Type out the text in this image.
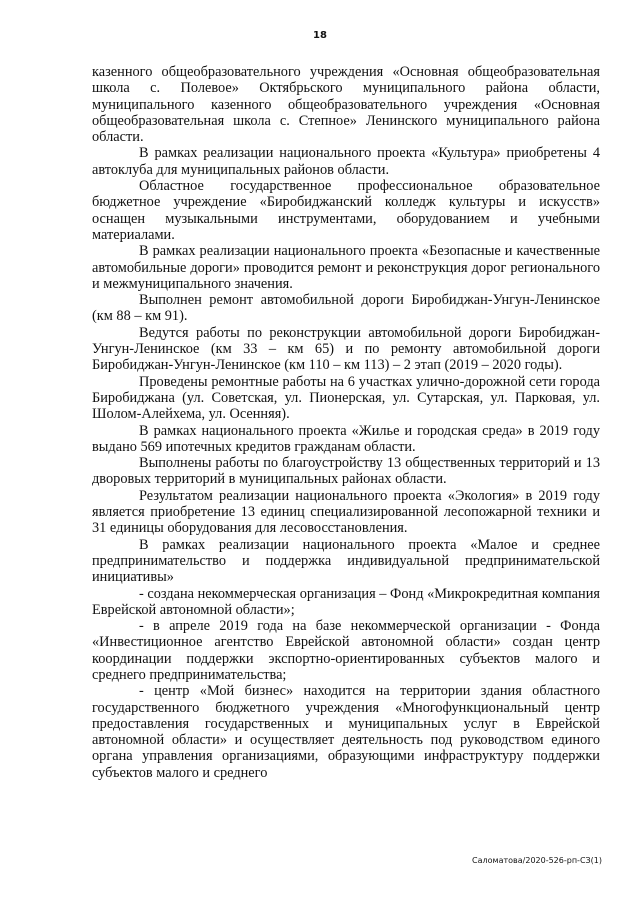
18

казенного общеобразовательного учреждения «Основная общеобразовательная школа с. Полевое» Октябрьского муниципального района области, муниципального казенного общеобразовательного учреждения «Основная общеобразовательная школа с. Степное» Ленинского муниципального района области.

В рамках реализации национального проекта «Культура» приобретены 4 автоклуба для муниципальных районов области.

Областное государственное профессиональное образовательное бюджетное учреждение «Биробиджанский колледж культуры и искусств» оснащен музыкальными инструментами, оборудованием и учебными материалами.

В рамках реализации национального проекта «Безопасные и качественные автомобильные дороги» проводится ремонт и реконструкция дорог регионального и межмуниципального значения.

Выполнен ремонт автомобильной дороги Биробиджан-Унгун-Ленинское (км 88 – км 91).

Ведутся работы по реконструкции автомобильной дороги Биробиджан-Унгун-Ленинское (км 33 – км 65) и по ремонту автомобильной дороги Биробиджан-Унгун-Ленинское (км 110 – км 113) – 2 этап (2019 – 2020 годы).

Проведены ремонтные работы на 6 участках улично-дорожной сети города Биробиджана (ул. Советская, ул. Пионерская, ул. Сутарская, ул. Парковая, ул. Шолом-Алейхема, ул. Осенняя).

В рамках национального проекта «Жилье и городская среда» в 2019 году выдано 569 ипотечных кредитов гражданам области.

Выполнены работы по благоустройству 13 общественных территорий и 13 дворовых территорий в муниципальных районах области.

Результатом реализации национального проекта «Экология» в 2019 году является приобретение 13 единиц специализированной лесопожарной техники и 31 единицы оборудования для лесовосстановления.

В рамках реализации национального проекта «Малое и среднее предпринимательство и поддержка индивидуальной предпринимательской инициативы»

- создана некоммерческая организация – Фонд «Микрокредитная компания Еврейской автономной области»;

- в апреле 2019 года на базе некоммерческой организации - Фонда «Инвестиционное агентство Еврейской автономной области» создан центр координации поддержки экспортно-ориентированных субъектов малого и среднего предпринимательства;

- центр «Мой бизнес» находится на территории здания областного государственного бюджетного учреждения «Многофункциональный центр предоставления государственных и муниципальных услуг в Еврейской автономной области» и осуществляет деятельность под руководством единого органа управления организациями, образующими инфраструктуру поддержки субъектов малого и среднего

Саломатова/2020-526-рп-СЗ(1)
